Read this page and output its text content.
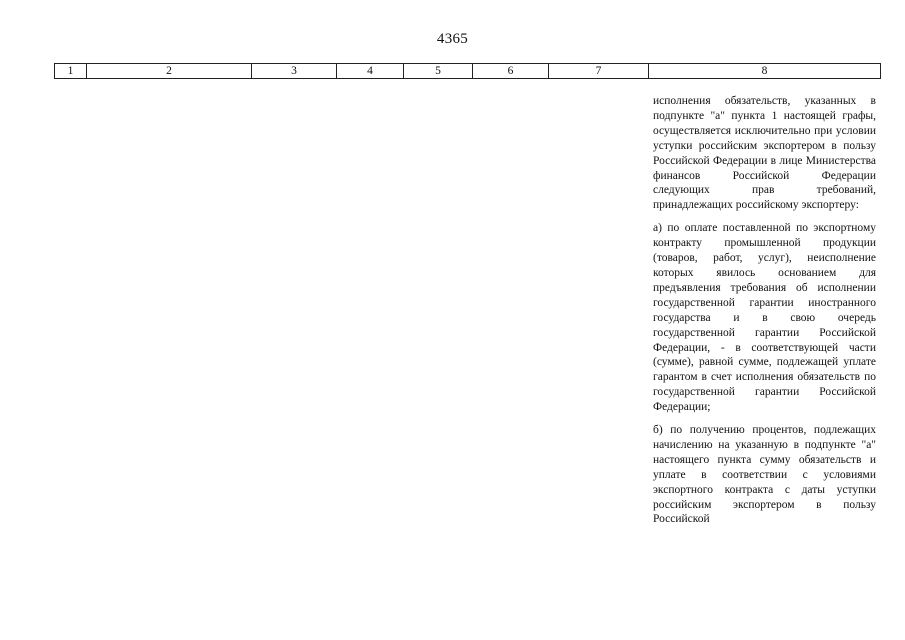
4365
1	2	3	4	5	6	7	8

исполнения обязательств, указанных в подпункте "а" пункта 1 настоящей графы, осуществляется исключительно при условии уступки российским экспортером в пользу Российской Федерации в лице Министерства финансов Российской Федерации следующих прав требований, принадлежащих российскому экспортеру:

а) по оплате поставленной по экспортному контракту промышленной продукции (товаров, работ, услуг), неисполнение которых явилось основанием для предъявления требования об исполнении государственной гарантии иностранного государства и в свою очередь государственной гарантии Российской Федерации, - в соответствующей части (сумме), равной сумме, подлежащей уплате гарантом в счет исполнения обязательств по государственной гарантии Российской Федерации;

б) по получению процентов, подлежащих начислению на указанную в подпункте "а" настоящего пункта сумму обязательств и уплате в соответствии с условиями экспортного контракта с даты уступки российским экспортером в пользу Российской
